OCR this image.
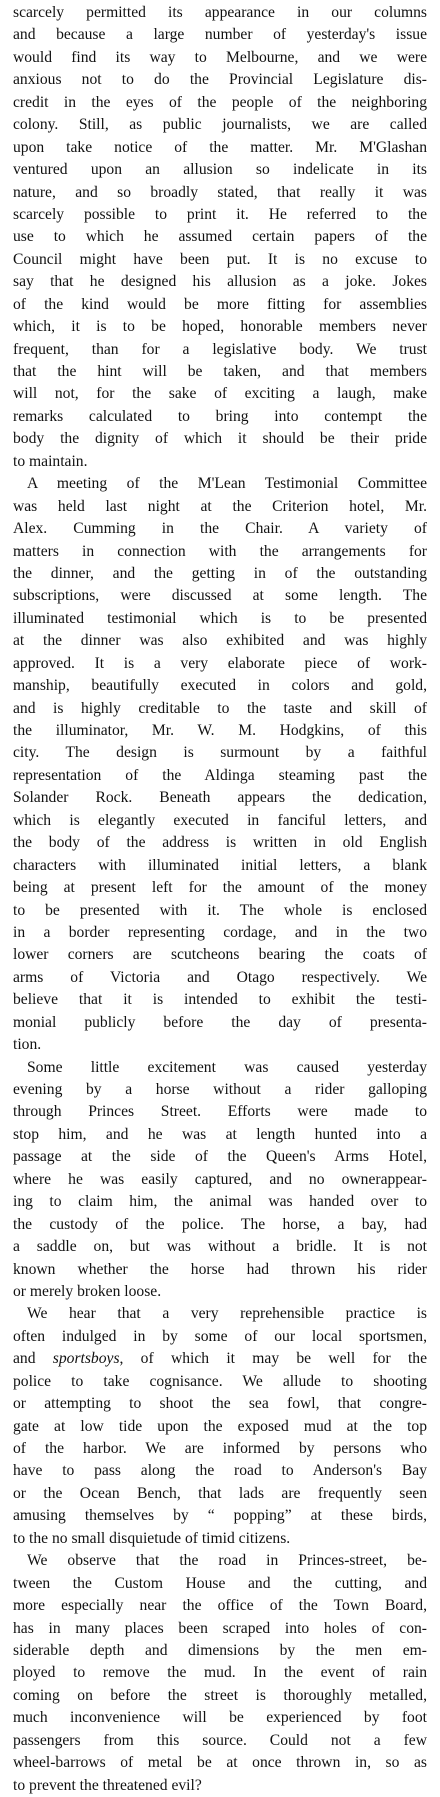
scarcely permitted its appearance in our columns
and because a large number of yesterday's issue
would find its way to Melbourne, and we were
anxious not to do the Provincial Legislature dis-
credit in the eyes of the people of the neighboring
colony. Still, as public journalists, we are called
upon take notice of the matter. Mr. M'Glashan
ventured upon an allusion so indelicate in its
nature, and so broadly stated, that really it was
scarcely possible to print it. He referred to the
use to which he assumed certain papers of the
Council might have been put. It is no excuse to
say that he designed his allusion as a joke. Jokes
of the kind would be more fitting for assemblies
which, it is to be hoped, honorable members never
frequent, than for a legislative body. We trust
that the hint will be taken, and that members
will not, for the sake of exciting a laugh, make
remarks calculated to bring into contempt the
body the dignity of which it should be their pride
to maintain.
A meeting of the M'Lean Testimonial Committee
was held last night at the Criterion hotel, Mr.
Alex. Cumming in the Chair. A variety of
matters in connection with the arrangements for
the dinner, and the getting in of the outstanding
subscriptions, were discussed at some length. The
illuminated testimonial which is to be presented
at the dinner was also exhibited and was highly
approved. It is a very elaborate piece of work-
manship, beautifully executed in colors and gold,
and is highly creditable to the taste and skill of
the illuminator, Mr. W. M. Hodgkins, of this
city. The design is surmount by a faithful
representation of the Aldinga steaming past the
Solander Rock. Beneath appears the dedication,
which is elegantly executed in fanciful letters, and
the body of the address is written in old English
characters with illuminated initial letters, a blank
being at present left for the amount of the money
to be presented with it. The whole is enclosed
in a border representing cordage, and in the two
lower corners are scutcheons bearing the coats of
arms of Victoria and Otago respectively. We
believe that it is intended to exhibit the testi-
monial publicly before the day of presenta-
tion.
Some little excitement was caused yesterday
evening by a horse without a rider galloping
through Princes Street. Efforts were made to
stop him, and he was at length hunted into a
passage at the side of the Queen's Arms Hotel,
where he was easily captured, and no ownerappear-
ing to claim him, the animal was handed over to
the custody of the police. The horse, a bay, had
a saddle on, but was without a bridle. It is not
known whether the horse had thrown his rider
or merely broken loose.
We hear that a very reprehensible practice is
often indulged in by some of our local sportsmen,
and sportsboys, of which it may be well for the
police to take cognisance. We allude to shooting
or attempting to shoot the sea fowl, that congre-
gate at low tide upon the exposed mud at the top
of the harbor. We are informed by persons who
have to pass along the road to Anderson's Bay
or the Ocean Bench, that lads are frequently seen
amusing themselves by “ popping” at these birds,
to the no small disquietude of timid citizens.
We observe that the road in Princes-street, be-
tween the Custom House and the cutting, and
more especially near the office of the Town Board,
has in many places been scraped into holes of con-
siderable depth and dimensions by the men em-
ployed to remove the mud. In the event of rain
coming on before the street is thoroughly metalled,
much inconvenience will be experienced by foot
passengers from this source. Could not a few
wheel-barrows of metal be at once thrown in, so as
to prevent the threatened evil?
